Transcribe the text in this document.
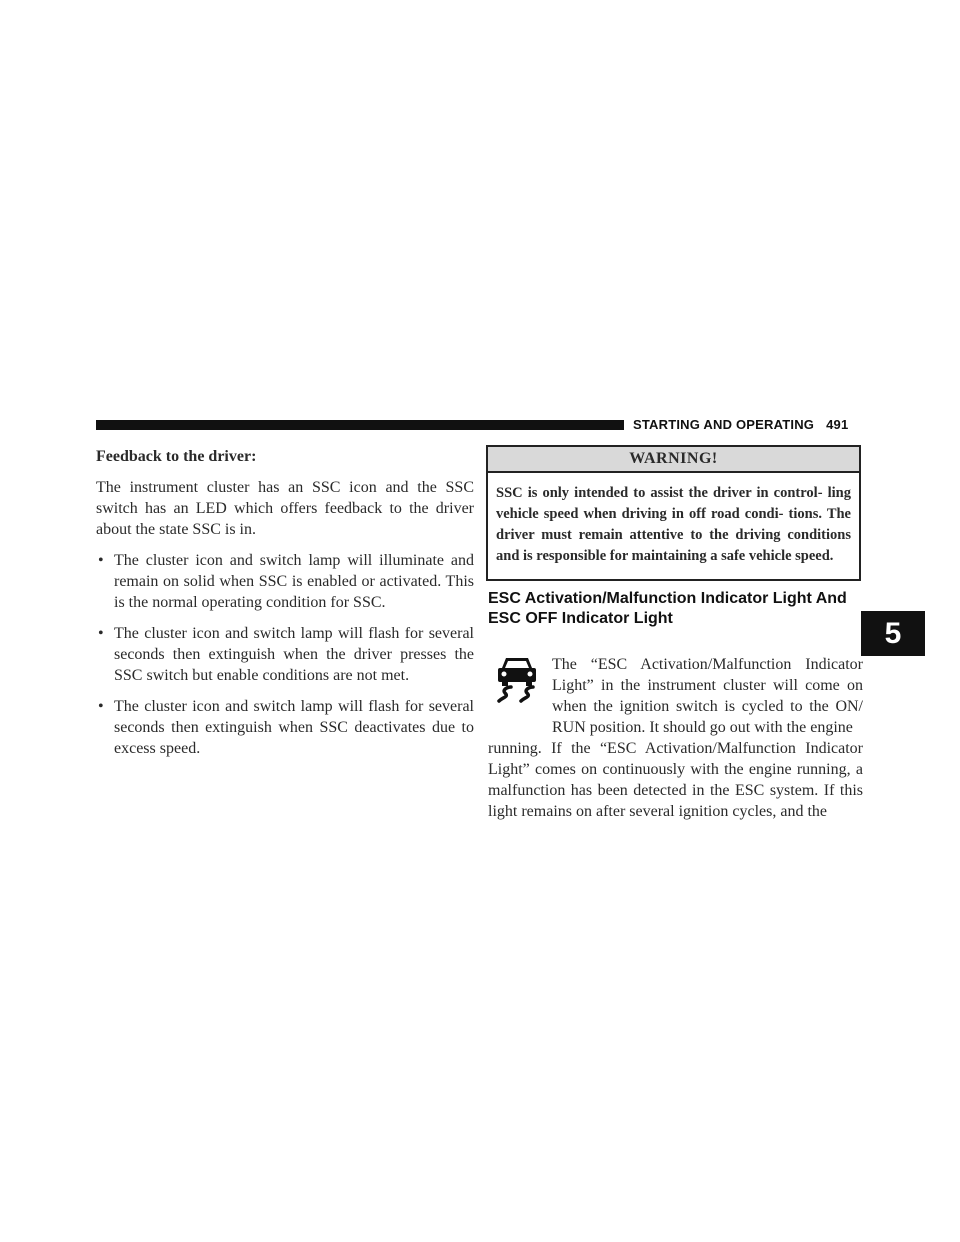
STARTING AND OPERATING 491
Feedback to the driver:

The instrument cluster has an SSC icon and the SSC switch has an LED which offers feedback to the driver about the state SSC is in.

• The cluster icon and switch lamp will illuminate and remain on solid when SSC is enabled or activated. This is the normal operating condition for SSC.
• The cluster icon and switch lamp will flash for several seconds then extinguish when the driver presses the SSC switch but enable conditions are not met.
• The cluster icon and switch lamp will flash for several seconds then extinguish when SSC deactivates due to excess speed.
WARNING!
SSC is only intended to assist the driver in control- ling vehicle speed when driving in off road condi- tions. The driver must remain attentive to the driving conditions and is responsible for maintaining a safe vehicle speed.
ESC Activation/Malfunction Indicator Light And
ESC OFF Indicator Light
The “ESC Activation/Malfunction Indicator Light” in the instrument cluster will come on when the ignition switch is cycled to the ON/ RUN position. It should go out with the engine
running. If the “ESC Activation/Malfunction Indicator Light” comes on continuously with the engine running, a malfunction has been detected in the ESC system. If this light remains on after several ignition cycles, and the
5
